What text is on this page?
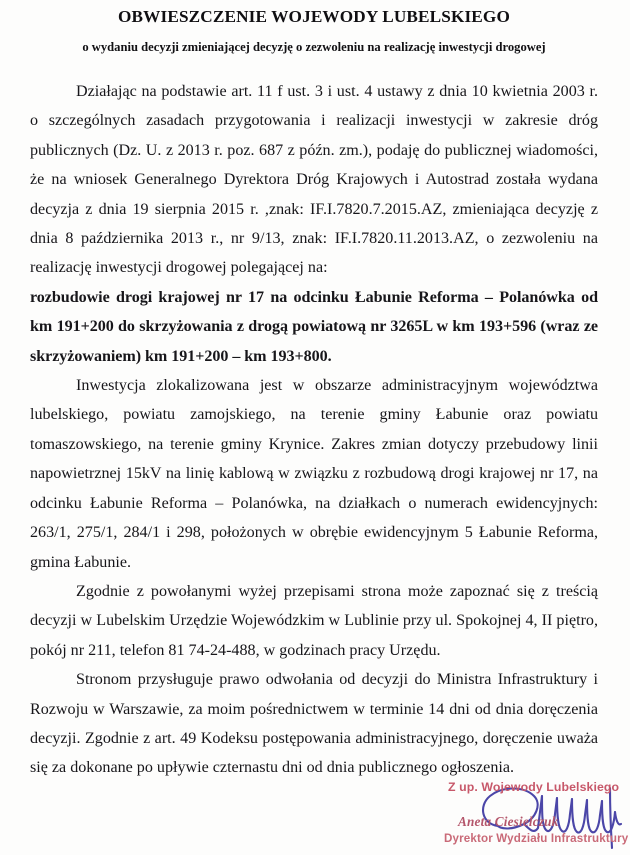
OBWIESZCZENIE WOJEWODY LUBELSKIEGO
o wydaniu decyzji zmieniającej decyzję o zezwoleniu na realizację inwestycji drogowej

Działając na podstawie art. 11 f ust. 3 i ust. 4 ustawy z dnia 10 kwietnia 2003 r. o szczególnych zasadach przygotowania i realizacji inwestycji w zakresie dróg publicznych (Dz. U. z 2013 r. poz. 687 z późn. zm.), podaję do publicznej wiadomości, że na wniosek Generalnego Dyrektora Dróg Krajowych i Autostrad została wydana decyzja z dnia 19 sierpnia 2015 r. ,znak: IF.I.7820.7.2015.AZ, zmieniająca decyzję z dnia 8 października 2013 r., nr 9/13, znak: IF.I.7820.11.2013.AZ, o zezwoleniu na realizację inwestycji drogowej polegającej na:

rozbudowie drogi krajowej nr 17 na odcinku Łabunie Reforma – Polanówka od km 191+200 do skrzyżowania z drogą powiatową nr 3265L w km 193+596 (wraz ze skrzyżowaniem) km 191+200 – km 193+800.

Inwestycja zlokalizowana jest w obszarze administracyjnym województwa lubelskiego, powiatu zamojskiego, na terenie gminy Łabunie oraz powiatu tomaszowskiego, na terenie gminy Krynice. Zakres zmian dotyczy przebudowy linii napowietrznej 15kV na linię kablową w związku z rozbudową drogi krajowej nr 17, na odcinku Łabunie Reforma – Polanówka, na działkach o numerach ewidencyjnych: 263/1, 275/1, 284/1 i 298, położonych w obrębie ewidencyjnym 5 Łabunie Reforma, gmina Łabunie.

Zgodnie z powołanymi wyżej przepisami strona może zapoznać się z treścią decyzji w Lubelskim Urzędzie Wojewódzkim w Lublinie przy ul. Spokojnej 4, II piętro, pokój nr 211, telefon 81 74-24-488, w godzinach pracy Urzędu.

Stronom przysługuje prawo odwołania od decyzji do Ministra Infrastruktury i Rozwoju w Warszawie, za moim pośrednictwem w terminie 14 dni od dnia doręczenia decyzji. Zgodnie z art. 49 Kodeksu postępowania administracyjnego, doręczenie uważa się za dokonane po upływie czternastu dni od dnia publicznego ogłoszenia.

Z up. Wojewody Lubelskiego
Aneta Ciesielczuk
Dyrektor Wydziału Infrastruktury
